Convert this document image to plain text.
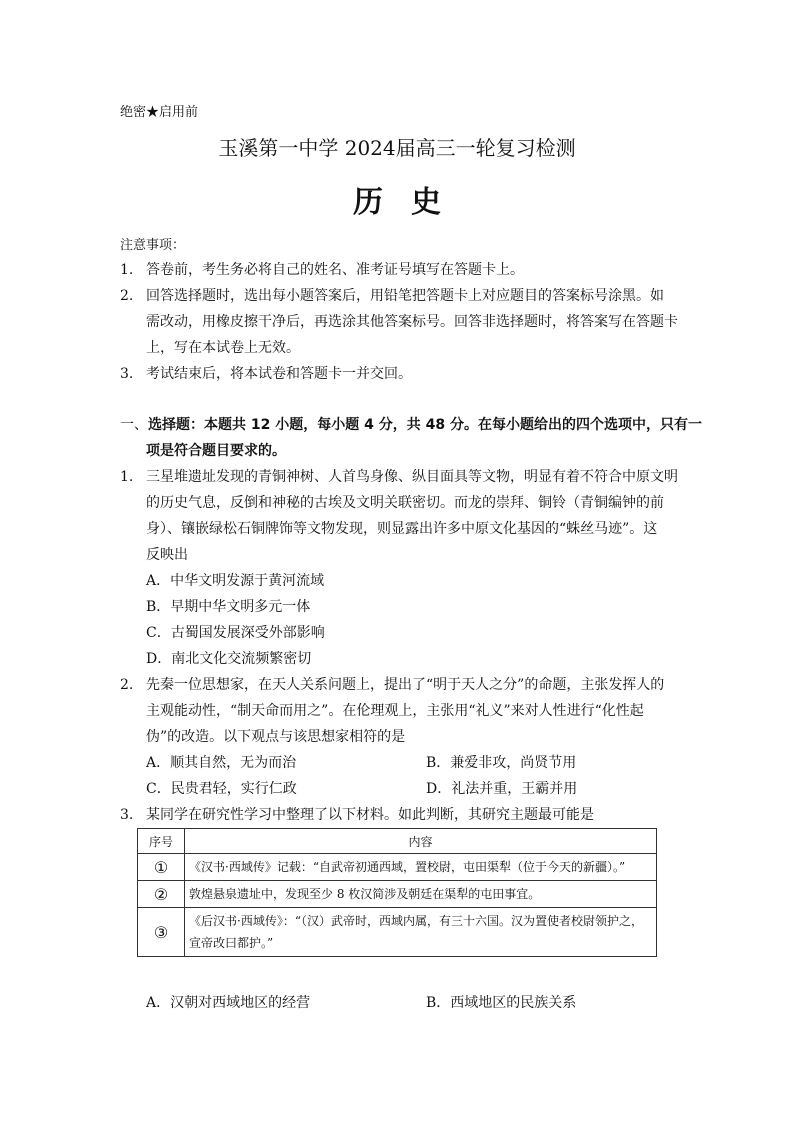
绝密★启用前
玉溪第一中学 2024届高三一轮复习检测
历史
注意事项：
1. 答卷前，考生务必将自己的姓名、准考证号填写在答题卡上。
2. 回答选择题时，选出每小题答案后，用铅笔把答题卡上对应题目的答案标号涂黑。如
需改动，用橡皮擦干净后，再选涂其他答案标号。回答非选择题时，将答案写在答题卡
上，写在本试卷上无效。
3. 考试结束后，将本试卷和答题卡一并交回。
一、选择题：本题共 12 小题，每小题 4 分，共 48 分。在每小题给出的四个选项中，只有一
项是符合题目要求的。
1. 三星堆遗址发现的青铜神树、人首鸟身像、纵目面具等文物，明显有着不符合中原文明
的历史气息，反倒和神秘的古埃及文明关联密切。而龙的崇拜、铜铃（青铜编钟的前
身）、镶嵌绿松石铜牌饰等文物发现，则显露出许多中原文化基因的“蛛丝马迹”。这
反映出
A．中华文明发源于黄河流域
B．早期中华文明多元一体
C．古蜀国发展深受外部影响
D．南北文化交流频繁密切
2. 先秦一位思想家，在天人关系问题上，提出了“明于天人之分”的命题，主张发挥人的
主观能动性，“制天命而用之”。在伦理观上，主张用“礼义”来对人性进行“化性起
伪”的改造。以下观点与该思想家相符的是
A．顺其自然，无为而治	B．兼爱非攻，尚贤节用
C．民贵君轻，实行仁政	D．礼法并重，王霸并用
3. 某同学在研究性学习中整理了以下材料。如此判断，其研究主题最可能是
序号	内容
①	《汉书·西域传》记载：“自武帝初通西域，置校尉，屯田渠犁（位于今天的新疆）。”
②	敦煌悬泉遗址中，发现至少 8 枚汉简涉及朝廷在渠犁的屯田事宜。
③	《后汉书·西域传》：“（汉）武帝时，西域内属，有三十六国。汉为置使者校尉领护之，宣帝改曰都护。”
A．汉朝对西域地区的经营	B．西域地区的民族关系
